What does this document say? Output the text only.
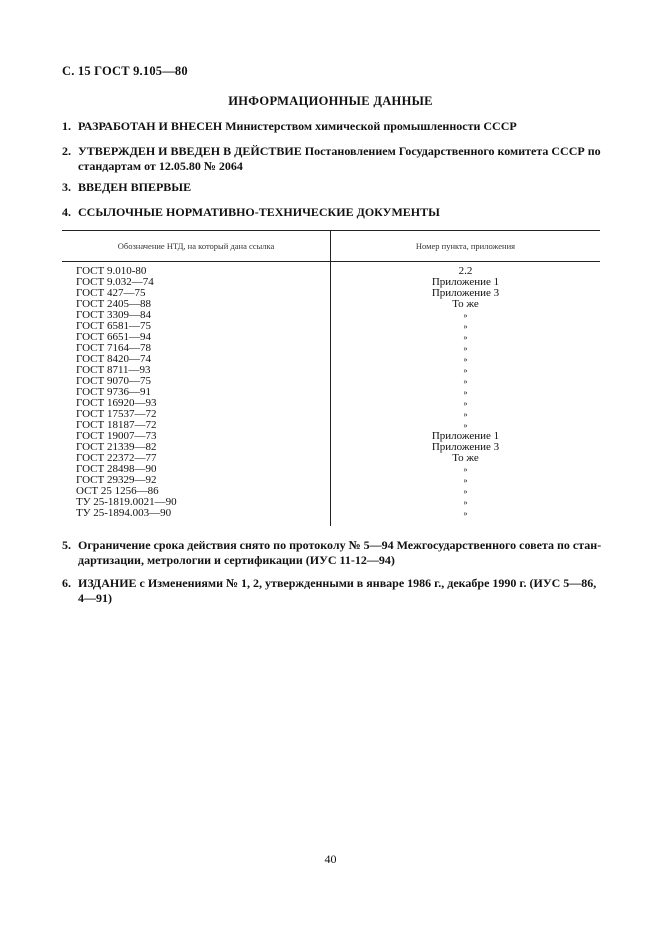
С. 15 ГОСТ 9.105—80
ИНФОРМАЦИОННЫЕ ДАННЫЕ
1. РАЗРАБОТАН И ВНЕСЕН Министерством химической промышленности СССР
2. УТВЕРЖДЕН И ВВЕДЕН В ДЕЙСТВИЕ Постановлением Государственного комитета СССР по
стандартам от 12.05.80 № 2064
3. ВВЕДЕН ВПЕРВЫЕ
4. ССЫЛОЧНЫЕ НОРМАТИВНО-ТЕХНИЧЕСКИЕ ДОКУМЕНТЫ
Обозначение НТД, на который дана ссылка	Номер пункта, приложения
ГОСТ 9.010-80
ГОСТ 9.032—74
ГОСТ 427—75
ГОСТ 2405—88
ГОСТ 3309—84
ГОСТ 6581—75
ГОСТ 6651—94
ГОСТ 7164—78
ГОСТ 8420—74
ГОСТ 8711—93
ГОСТ 9070—75
ГОСТ 9736—91
ГОСТ 16920—93
ГОСТ 17537—72
ГОСТ 18187—72
ГОСТ 19007—73
ГОСТ 21339—82
ГОСТ 22372—77
ГОСТ 28498—90
ГОСТ 29329—92
ОСТ 25 1256—86
ТУ 25-1819.0021—90
ТУ 25-1894.003—90
2.2
Приложение 1
Приложение 3
То же
»
»
»
»
»
»
»
»
»
»
»
Приложение 1
Приложение 3
То же
»
»
»
»
»
5. Ограничение срока действия снято по протоколу № 5—94 Межгосударственного совета по стан-
дартизации, метрологии и сертификации (ИУС 11-12—94)
6. ИЗДАНИЕ с Изменениями № 1, 2, утвержденными в январе 1986 г., декабре 1990 г. (ИУС 5—86,
4—91)
40
